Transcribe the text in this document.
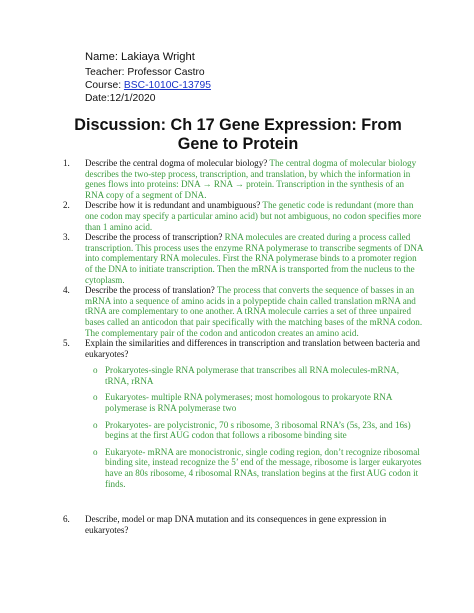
Name: Lakiaya Wright
Teacher: Professor Castro
Course: BSC-1010C-13795
Date:12/1/2020
Discussion: Ch 17 Gene Expression: From Gene to Protein
1. Describe the central dogma of molecular biology? The central dogma of molecular biology describes the two-step process, transcription, and translation, by which the information in genes flows into proteins: DNA → RNA → protein. Transcription in the synthesis of an RNA copy of a segment of DNA.
2. Describe how it is redundant and unambiguous? The genetic code is redundant (more than one codon may specify a particular amino acid) but not ambiguous, no codon specifies more than 1 amino acid.
3. Describe the process of transcription? RNA molecules are created during a process called transcription. This process uses the enzyme RNA polymerase to transcribe segments of DNA into complementary RNA molecules. First the RNA polymerase binds to a promoter region of the DNA to initiate transcription. Then the mRNA is transported from the nucleus to the cytoplasm.
4. Describe the process of translation? The process that converts the sequence of basses in an mRNA into a sequence of amino acids in a polypeptide chain called translation mRNA and tRNA are complementary to one another. A tRNA molecule carries a set of three unpaired bases called an anticodon that pair specifically with the matching bases of the mRNA codon. The complementary pair of the codon and anticodon creates an amino acid.
5. Explain the similarities and differences in transcription and translation between bacteria and eukaryotes?
o Prokaryotes-single RNA polymerase that transcribes all RNA molecules-mRNA, tRNA, rRNA
o Eukaryotes- multiple RNA polymerases; most homologous to prokaryote RNA polymerase is RNA polymerase two
o Prokaryotes- are polycistronic, 70 s ribosome, 3 ribosomal RNA’s (5s, 23s, and 16s) begins at the first AUG codon that follows a ribosome binding site
o Eukaryote- mRNA are monocistronic, single coding region, don’t recognize ribosomal binding site, instead recognize the 5’ end of the message, ribosome is larger eukaryotes have an 80s ribosome, 4 ribosomal RNAs, translation begins at the first AUG codon it finds.
6. Describe, model or map DNA mutation and its consequences in gene expression in eukaryotes?
